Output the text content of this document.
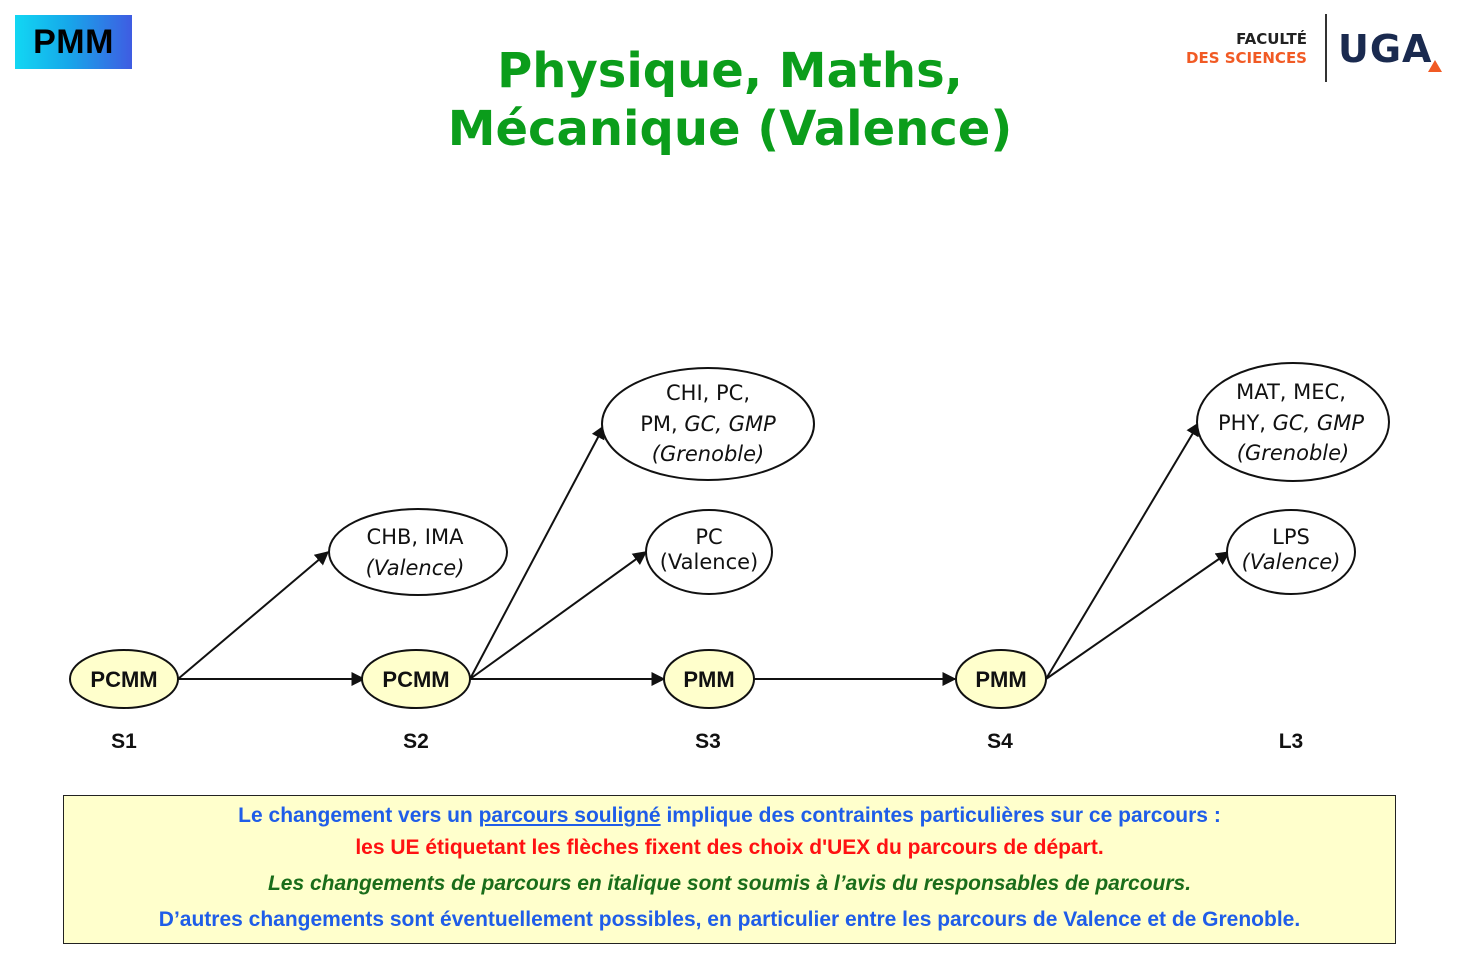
PMM
Physique, Maths,
Mécanique (Valence)
FACULTÉ
DES SCIENCES UGA
PCMM	PCMM	PMM	PMM
CHB, IMA
(Valence)
CHI, PC,
PM, GC, GMP
(Grenoble)
PC
(Valence)
MAT, MEC,
PHY, GC, GMP
(Grenoble)
LPS
(Valence)
S1	S2	S3	S4	L3

Le changement vers un parcours souligné implique des contraintes particulières sur ce parcours :

les UE étiquetant les flèches fixent des choix d'UEX du parcours de départ.

Les changements de parcours en italique sont soumis à l’avis du responsables de parcours.

D’autres changements sont éventuellement possibles, en particulier entre les parcours de Valence et de Grenoble.
